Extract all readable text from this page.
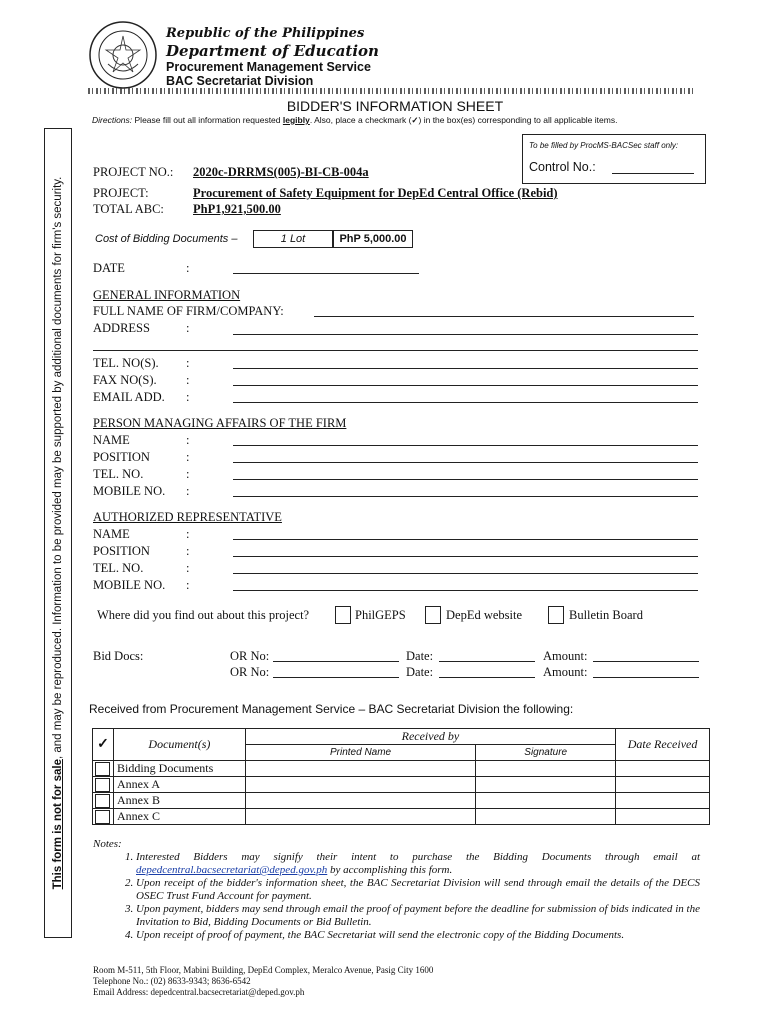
This form is not for sale, and may be reproduced. Information to be provided may be supported by additional documents for firm's security.
Republic of the Philippines
Department of Education
Procurement Management Service
BAC Secretariat Division
BIDDER'S INFORMATION SHEET
Directions: Please fill out all information requested legibly. Also, place a checkmark (✓) in the box(es) corresponding to all applicable items.
To be filled by ProcMS-BACSec staff only:
Control No.:
PROJECT NO.: 2020c-DRRMS(005)-BI-CB-004a
PROJECT:	Procurement of Safety Equipment for DepEd Central Office (Rebid)
TOTAL ABC: PhP1,921,500.00
Cost of Bidding Documents –	1 Lot	PhP 5,000.00
DATE	:
GENERAL INFORMATION
FULL NAME OF FIRM/COMPANY:
ADDRESS	:
TEL. NO(S). :
FAX NO(S). :
EMAIL ADD. :
PERSON MANAGING AFFAIRS OF THE FIRM
NAME	:
POSITION	:
TEL. NO.	:
MOBILE NO. :
AUTHORIZED REPRESENTATIVE
NAME	:
POSITION	:
TEL. NO.	:
MOBILE NO. :
Where did you find out about this project?	PhilGEPS	DepEd website	Bulletin Board
Bid Docs:	OR No:	Date:	Amount:
OR No:	Date:	Amount:
Received from Procurement Management Service – BAC Secretariat Division the following:
✓	Document(s)	Received by		Date Received
		Printed Name	Signature	

	Bidding Documents			

	Annex A			

	Annex B			

	Annex C			
Notes:
1. Interested Bidders may signify their intent to purchase the Bidding Documents through email at depedcentral.bacsecretariat@deped.gov.ph by accomplishing this form.
2. Upon receipt of the bidder's information sheet, the BAC Secretariat Division will send through email the details of the DECS OSEC Trust Fund Account for payment.
3. Upon payment, bidders may send through email the proof of payment before the deadline for submission of bids indicated in the Invitation to Bid, Bidding Documents or Bid Bulletin.
4. Upon receipt of proof of payment, the BAC Secretariat will send the electronic copy of the Bidding Documents.
Room M-511, 5th Floor, Mabini Building, DepEd Complex, Meralco Avenue, Pasig City 1600
Telephone No.: (02) 8633-9343; 8636-6542
Email Address: depedcentral.bacsecretariat@deped.gov.ph
